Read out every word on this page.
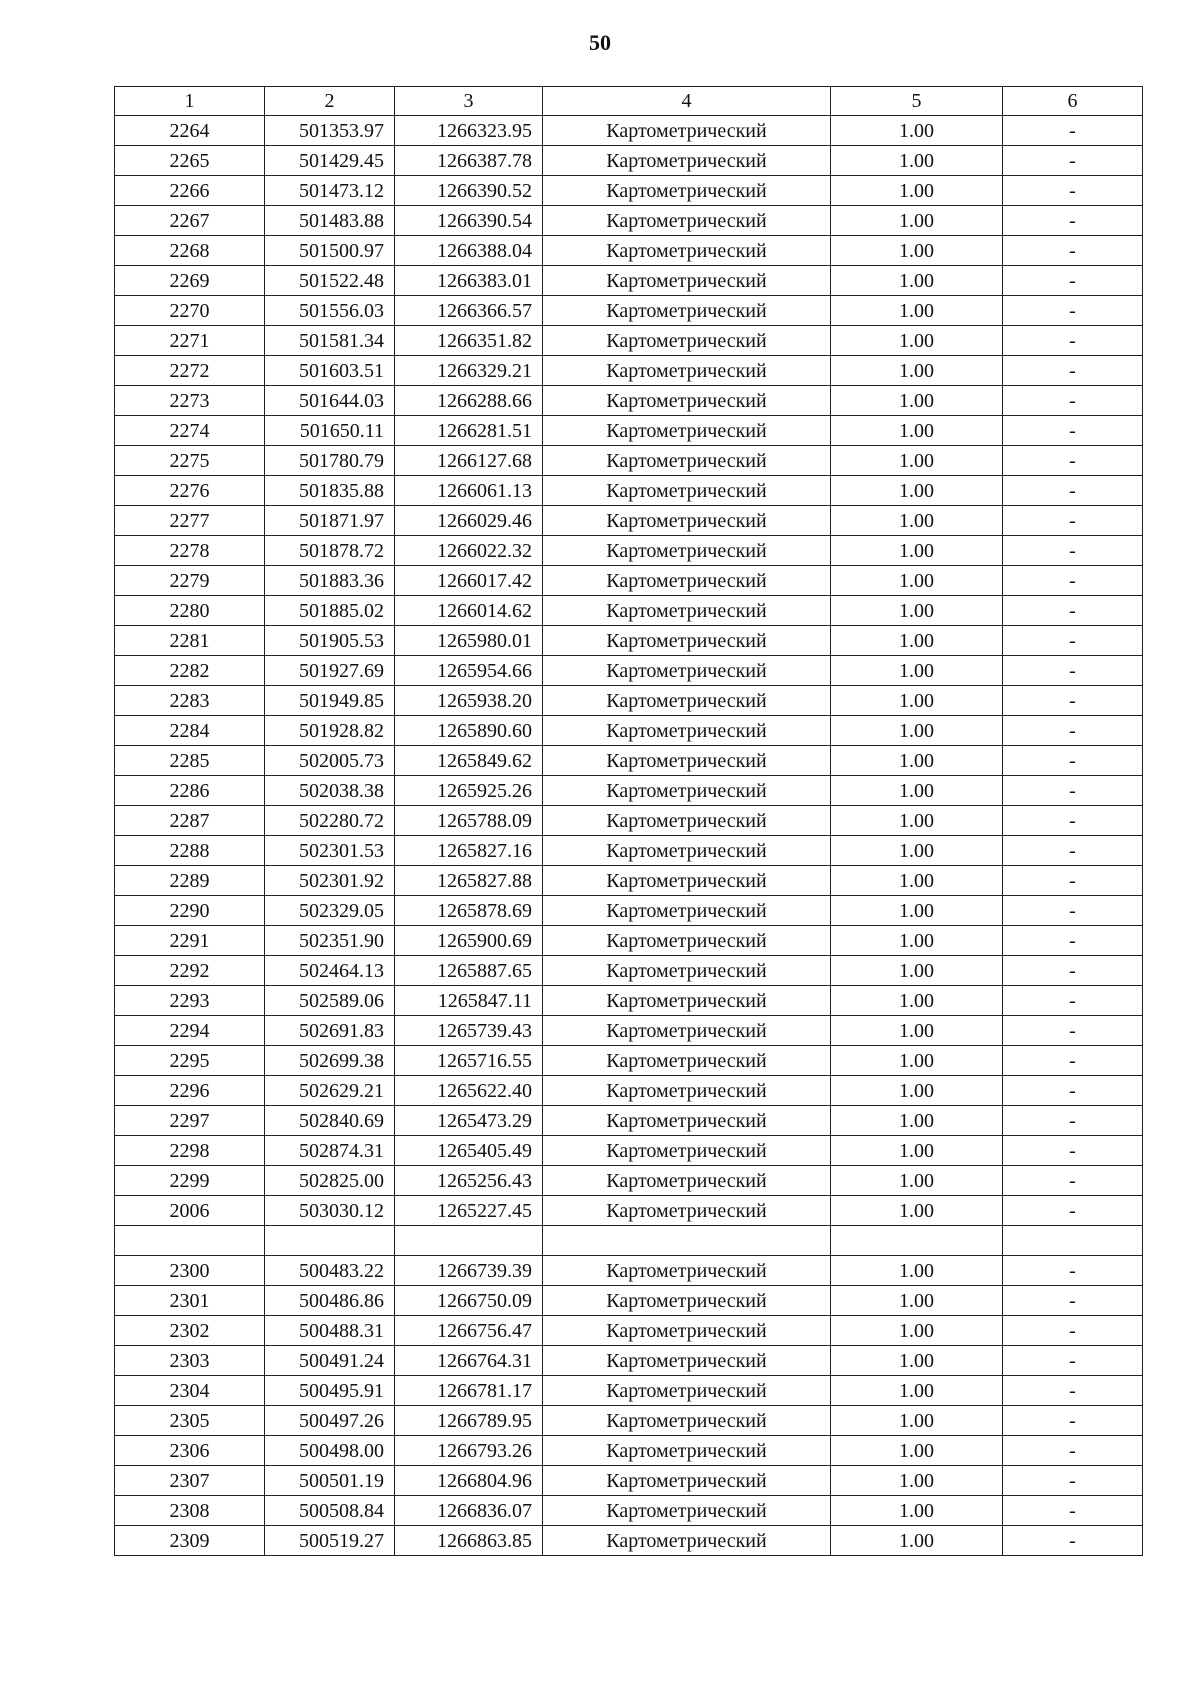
50
1	2	3	4	5	6
2264	501353.97	1266323.95	Картометрический	1.00	-
2265	501429.45	1266387.78	Картометрический	1.00	-
2266	501473.12	1266390.52	Картометрический	1.00	-
2267	501483.88	1266390.54	Картометрический	1.00	-
2268	501500.97	1266388.04	Картометрический	1.00	-
2269	501522.48	1266383.01	Картометрический	1.00	-
2270	501556.03	1266366.57	Картометрический	1.00	-
2271	501581.34	1266351.82	Картометрический	1.00	-
2272	501603.51	1266329.21	Картометрический	1.00	-
2273	501644.03	1266288.66	Картометрический	1.00	-
2274	501650.11	1266281.51	Картометрический	1.00	-
2275	501780.79	1266127.68	Картометрический	1.00	-
2276	501835.88	1266061.13	Картометрический	1.00	-
2277	501871.97	1266029.46	Картометрический	1.00	-
2278	501878.72	1266022.32	Картометрический	1.00	-
2279	501883.36	1266017.42	Картометрический	1.00	-
2280	501885.02	1266014.62	Картометрический	1.00	-
2281	501905.53	1265980.01	Картометрический	1.00	-
2282	501927.69	1265954.66	Картометрический	1.00	-
2283	501949.85	1265938.20	Картометрический	1.00	-
2284	501928.82	1265890.60	Картометрический	1.00	-
2285	502005.73	1265849.62	Картометрический	1.00	-
2286	502038.38	1265925.26	Картометрический	1.00	-
2287	502280.72	1265788.09	Картометрический	1.00	-
2288	502301.53	1265827.16	Картометрический	1.00	-
2289	502301.92	1265827.88	Картометрический	1.00	-
2290	502329.05	1265878.69	Картометрический	1.00	-
2291	502351.90	1265900.69	Картометрический	1.00	-
2292	502464.13	1265887.65	Картометрический	1.00	-
2293	502589.06	1265847.11	Картометрический	1.00	-
2294	502691.83	1265739.43	Картометрический	1.00	-
2295	502699.38	1265716.55	Картометрический	1.00	-
2296	502629.21	1265622.40	Картометрический	1.00	-
2297	502840.69	1265473.29	Картометрический	1.00	-
2298	502874.31	1265405.49	Картометрический	1.00	-
2299	502825.00	1265256.43	Картометрический	1.00	-
2006	503030.12	1265227.45	Картометрический	1.00	-

2300	500483.22	1266739.39	Картометрический	1.00	-
2301	500486.86	1266750.09	Картометрический	1.00	-
2302	500488.31	1266756.47	Картометрический	1.00	-
2303	500491.24	1266764.31	Картометрический	1.00	-
2304	500495.91	1266781.17	Картометрический	1.00	-
2305	500497.26	1266789.95	Картометрический	1.00	-
2306	500498.00	1266793.26	Картометрический	1.00	-
2307	500501.19	1266804.96	Картометрический	1.00	-
2308	500508.84	1266836.07	Картометрический	1.00	-
2309	500519.27	1266863.85	Картометрический	1.00	-
